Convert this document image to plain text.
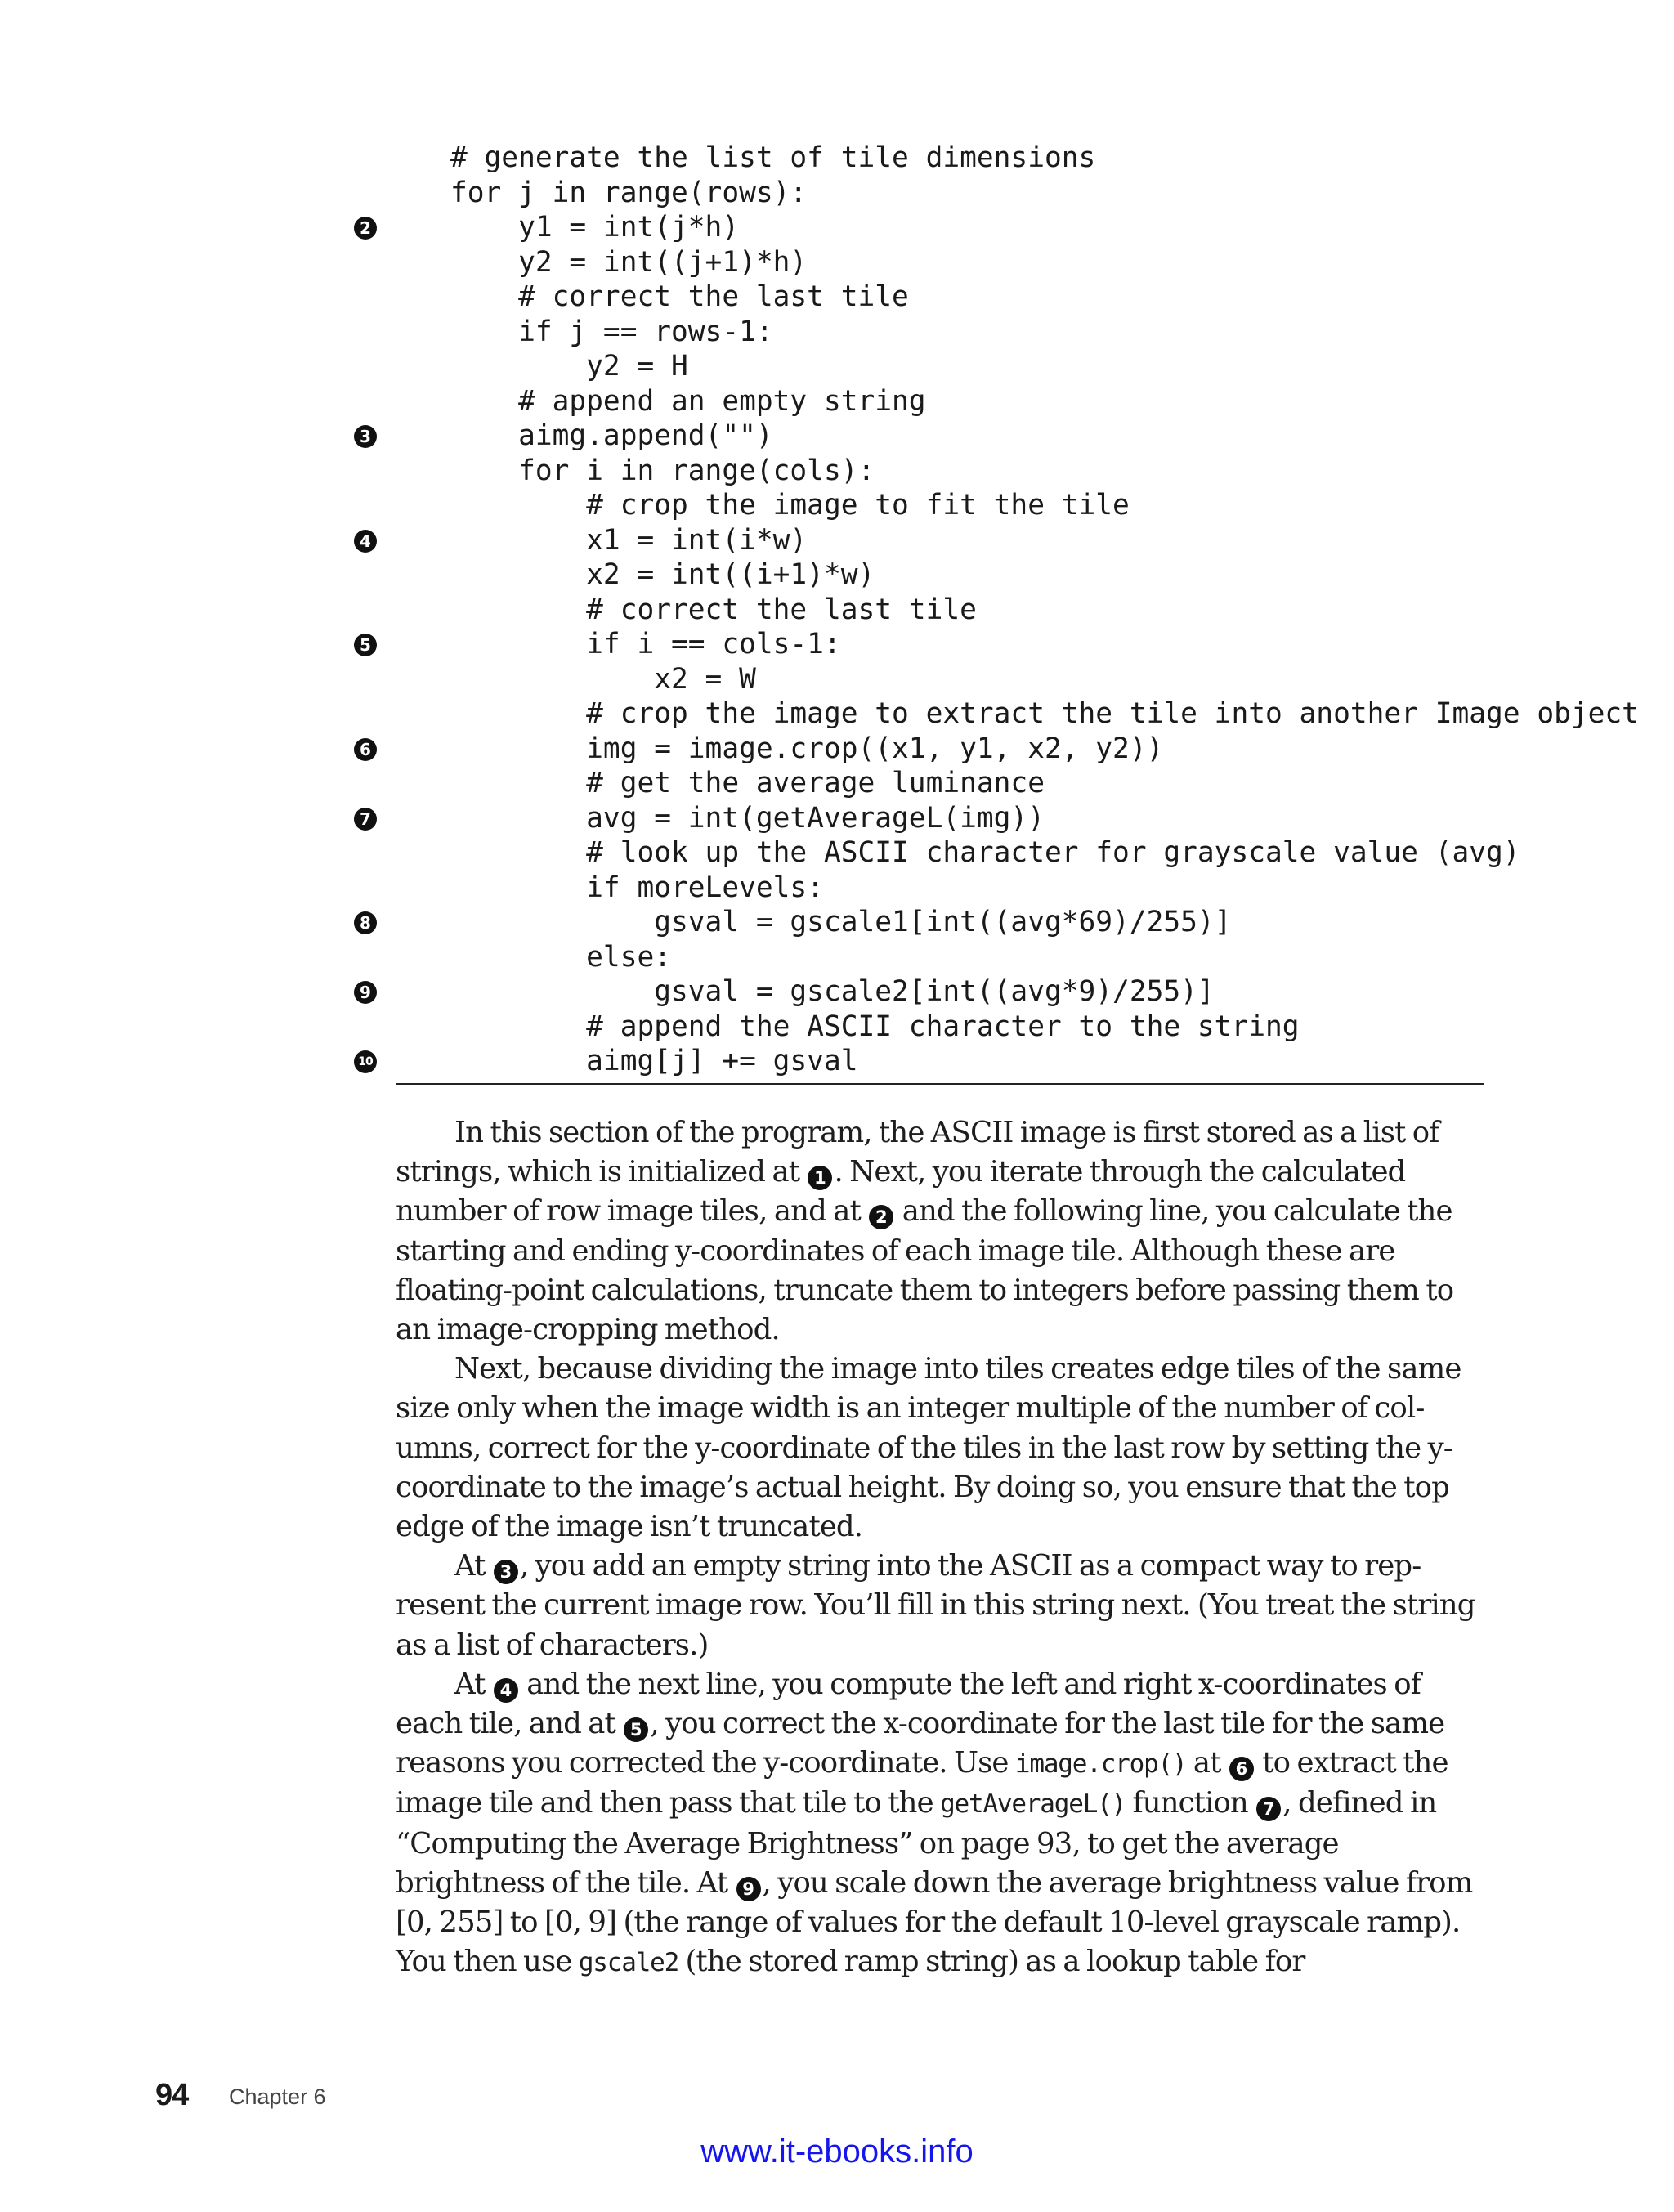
# generate the list of tile dimensions
for j in range(rows):
2	y1 = int(j*h)
y2 = int((j+1)*h)
# correct the last tile
if j == rows-1:
y2 = H
# append an empty string
3	aimg.append("")
for i in range(cols):
# crop the image to fit the tile
4	x1 = int(i*w)
x2 = int((i+1)*w)
# correct the last tile
5	if i == cols-1:
x2 = W
# crop the image to extract the tile into another Image object
6	img = image.crop((x1, y1, x2, y2))
# get the average luminance
7	avg = int(getAverageL(img))
# look up the ASCII character for grayscale value (avg)
if moreLevels:
8	gsval = gscale1[int((avg*69)/255)]
else:
9	gsval = gscale2[int((avg*9)/255)]
# append the ASCII character to the string
10	aimg[j] += gsval

In this section of the program, the ASCII image is first stored as a list of strings, which is initialized at 1 . Next, you iterate through the calculated number of row image tiles, and at 2 and the following line, you calculate the starting and ending y-coordinates of each image tile. Although these are floating-point calculations, truncate them to integers before passing them to an image-cropping method.

Next, because dividing the image into tiles creates edge tiles of the same size only when the image width is an integer multiple of the number of columns, correct for the y-coordinate of the tiles in the last row by setting the y-coordinate to the image’s actual height. By doing so, you ensure that the top edge of the image isn’t truncated.

At 3 , you add an empty string into the ASCII as a compact way to represent the current image row. You’ll fill in this string next. (You treat the string as a list of characters.)

At 4 and the next line, you compute the left and right x-coordinates of each tile, and at 5 , you correct the x-coordinate for the last tile for the same reasons you corrected the y-coordinate. Use image.crop() at 6 to extract the image tile and then pass that tile to the getAverageL() function 7 , defined in “Computing the Average Brightness” on page 93, to get the average brightness of the tile. At 9 , you scale down the average brightness value from [0, 255] to [0, 9] (the range of values for the default 10-level grayscale ramp). You then use gscale2 (the stored ramp string) as a lookup table for

94 Chapter 6
www.it-ebooks.info
